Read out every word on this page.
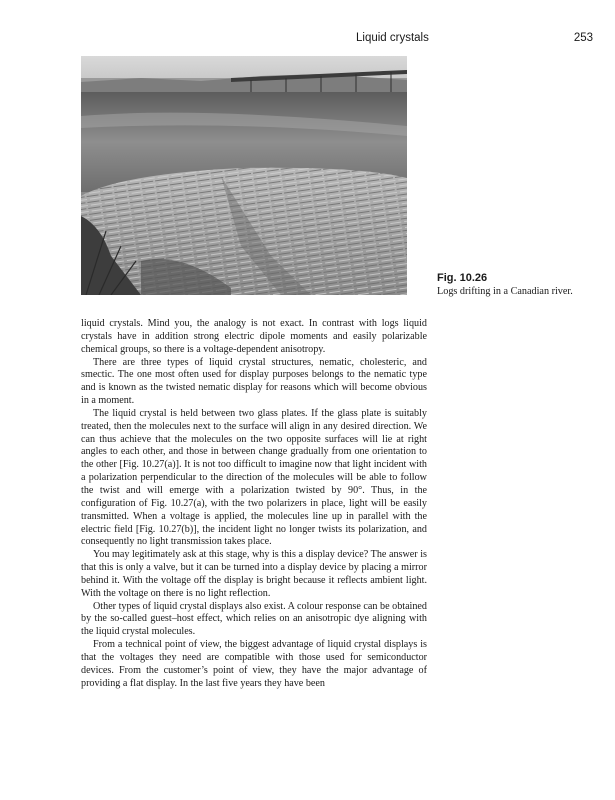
Liquid crystals	253
Fig. 10.26
Logs drifting in a Canadian river.

liquid crystals. Mind you, the analogy is not exact. In contrast with logs liquid crystals have in addition strong electric dipole moments and easily polarizable chemical groups, so there is a voltage-dependent anisotropy.

There are three types of liquid crystal structures, nematic, cholesteric, and smectic. The one most often used for display purposes belongs to the nematic type and is known as the twisted nematic display for reasons which will become obvious in a moment.

The liquid crystal is held between two glass plates. If the glass plate is suitably treated, then the molecules next to the surface will align in any desired direction. We can thus achieve that the molecules on the two opposite surfaces will lie at right angles to each other, and those in between change gradually from one orientation to the other [Fig. 10.27(a)]. It is not too difficult to imagine now that light incident with a polarization perpendicular to the direction of the molecules will be able to follow the twist and will emerge with a polarization twisted by 90°. Thus, in the configuration of Fig. 10.27(a), with the two polarizers in place, light will be easily transmitted. When a voltage is applied, the molecules line up in parallel with the electric field [Fig. 10.27(b)], the incident light no longer twists its polarization, and consequently no light transmission takes place.

You may legitimately ask at this stage, why is this a display device? The answer is that this is only a valve, but it can be turned into a display device by placing a mirror behind it. With the voltage off the display is bright because it reflects ambient light. With the voltage on there is no light reflection.

Other types of liquid crystal displays also exist. A colour response can be obtained by the so-called guest–host effect, which relies on an anisotropic dye aligning with the liquid crystal molecules.

From a technical point of view, the biggest advantage of liquid crystal displays is that the voltages they need are compatible with those used for semiconductor devices. From the customer’s point of view, they have the major advantage of providing a flat display. In the last five years they have been
